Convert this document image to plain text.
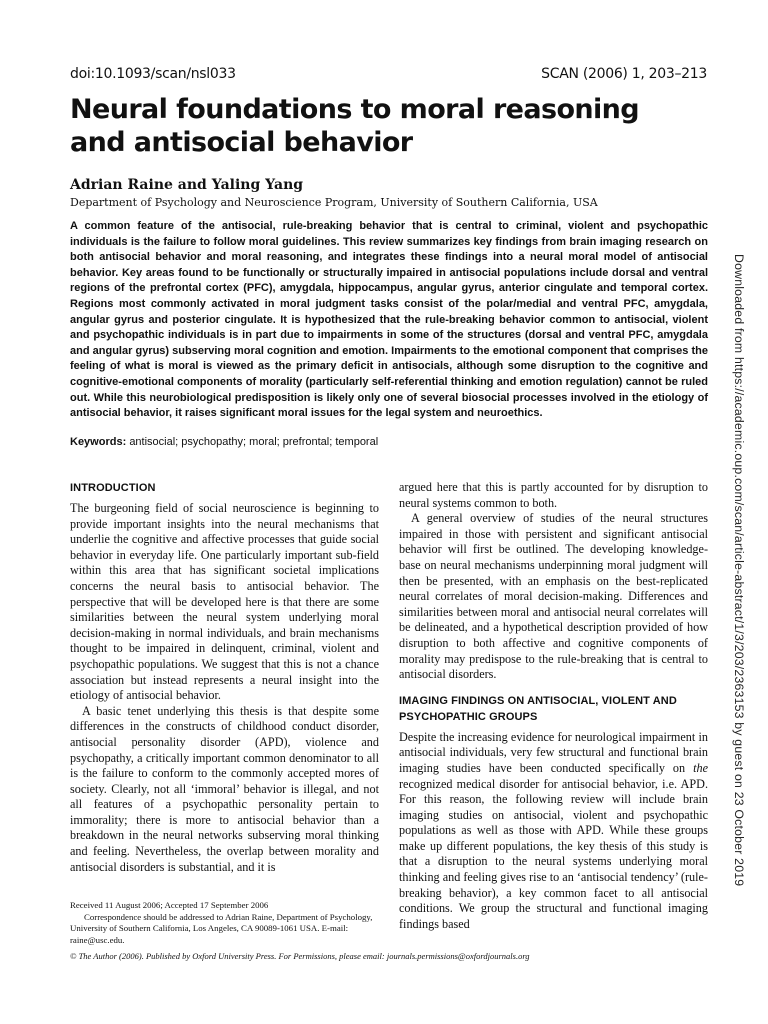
doi:10.1093/scan/nsl033	SCAN (2006) 1, 203–213
Neural foundations to moral reasoning and antisocial behavior
Adrian Raine and Yaling Yang
Department of Psychology and Neuroscience Program, University of Southern California, USA

A common feature of the antisocial, rule-breaking behavior that is central to criminal, violent and psychopathic individuals is the failure to follow moral guidelines. This review summarizes key findings from brain imaging research on both antisocial behavior and moral reasoning, and integrates these findings into a neural moral model of antisocial behavior. Key areas found to be functionally or structurally impaired in antisocial populations include dorsal and ventral regions of the prefrontal cortex (PFC), amygdala, hippocampus, angular gyrus, anterior cingulate and temporal cortex. Regions most commonly activated in moral judgment tasks consist of the polar/medial and ventral PFC, amygdala, angular gyrus and posterior cingulate. It is hypothesized that the rule-breaking behavior common to antisocial, violent and psychopathic individuals is in part due to impairments in some of the structures (dorsal and ventral PFC, amygdala and angular gyrus) subserving moral cognition and emotion. Impairments to the emotional component that comprises the feeling of what is moral is viewed as the primary deficit in antisocials, although some disruption to the cognitive and cognitive-emotional components of morality (particularly self-referential thinking and emotion regulation) cannot be ruled out. While this neurobiological predisposition is likely only one of several biosocial processes involved in the etiology of antisocial behavior, it raises significant moral issues for the legal system and neuroethics.

Keywords: antisocial; psychopathy; moral; prefrontal; temporal
INTRODUCTION

The burgeoning field of social neuroscience is beginning to provide important insights into the neural mechanisms that underlie the cognitive and affective processes that guide social behavior in everyday life. One particularly important sub-field within this area that has significant societal implications concerns the neural basis to antisocial behavior. The perspective that will be developed here is that there are some similarities between the neural system underlying moral decision-making in normal individuals, and brain mechanisms thought to be impaired in delinquent, criminal, violent and psychopathic populations. We suggest that this is not a chance association but instead represents a neural insight into the etiology of antisocial behavior.

A basic tenet underlying this thesis is that despite some differences in the constructs of childhood conduct disorder, antisocial personality disorder (APD), violence and psychopathy, a critically important common denominator to all is the failure to conform to the commonly accepted mores of society. Clearly, not all ‘immoral’ behavior is illegal, and not all features of a psychopathic personality pertain to immorality; there is more to antisocial behavior than a breakdown in the neural networks subserving moral thinking and feeling. Nevertheless, the overlap between morality and antisocial disorders is substantial, and it is

argued here that this is partly accounted for by disruption to neural systems common to both.

A general overview of studies of the neural structures impaired in those with persistent and significant antisocial behavior will first be outlined. The developing knowledge-base on neural mechanisms underpinning moral judgment will then be presented, with an emphasis on the best-replicated neural correlates of moral decision-making. Differences and similarities between moral and antisocial neural correlates will be delineated, and a hypothetical description provided of how disruption to both affective and cognitive components of morality may predispose to the rule-breaking that is central to antisocial disorders.

IMAGING FINDINGS ON ANTISOCIAL, VIOLENT AND PSYCHOPATHIC GROUPS

Despite the increasing evidence for neurological impairment in antisocial individuals, very few structural and functional brain imaging studies have been conducted specifically on the recognized medical disorder for antisocial behavior, i.e. APD. For this reason, the following review will include brain imaging studies on antisocial, violent and psychopathic populations as well as those with APD. While these groups make up different populations, the key thesis of this study is that a disruption to the neural systems underlying moral thinking and feeling gives rise to an ‘antisocial tendency’ (rule-breaking behavior), a key common facet to all antisocial conditions. We group the structural and functional imaging findings based

Received 11 August 2006; Accepted 17 September 2006
Correspondence should be addressed to Adrian Raine, Department of Psychology, University of Southern California, Los Angeles, CA 90089-1061 USA. E-mail: raine@usc.edu.
© The Author (2006). Published by Oxford University Press. For Permissions, please email: journals.permissions@oxfordjournals.org
Downloaded from https://academic.oup.com/scan/article-abstract/1/3/203/2363153 by guest on 23 October 2019
